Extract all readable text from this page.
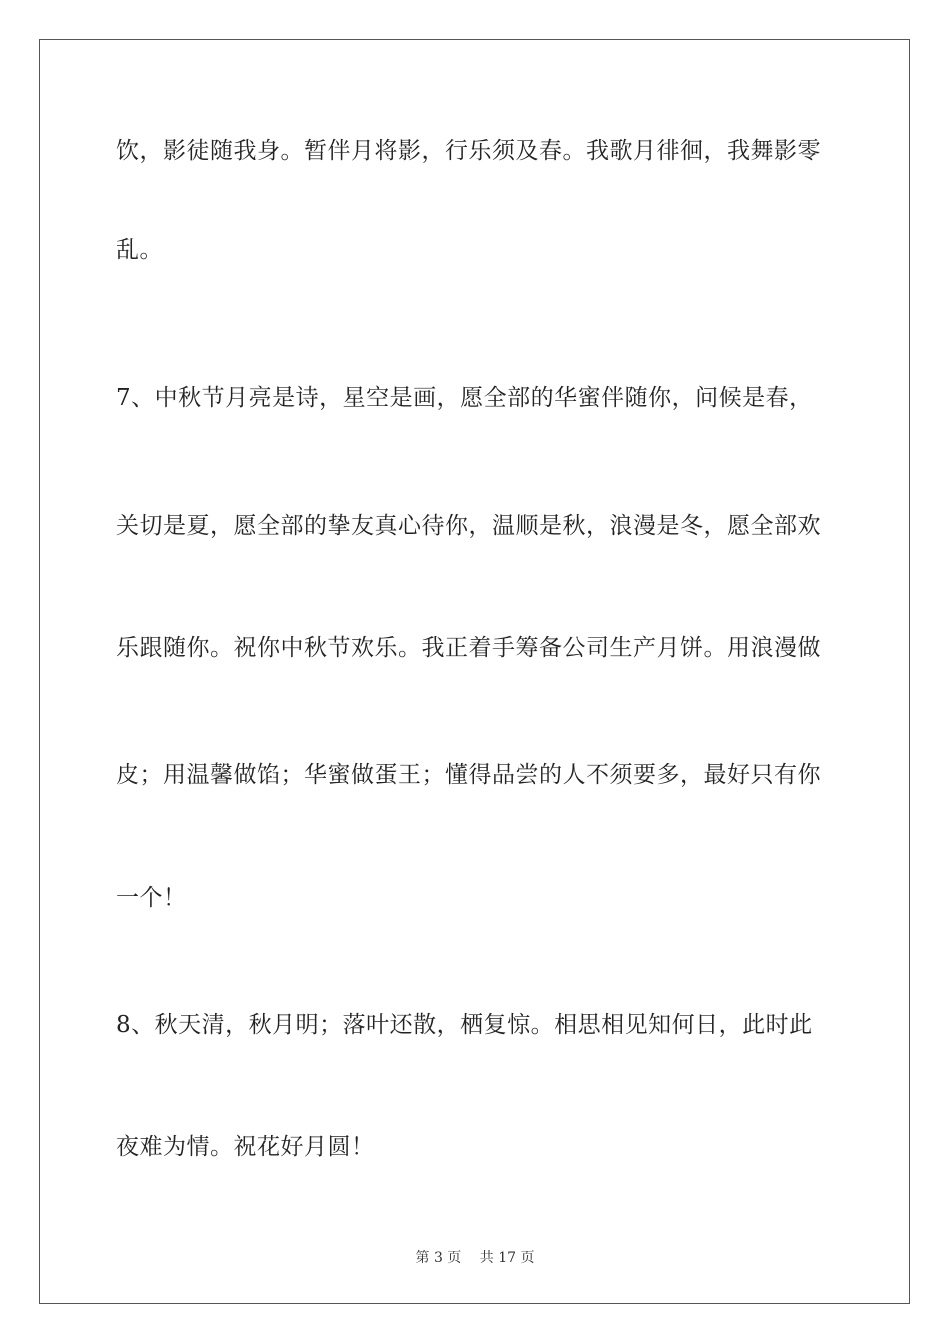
饮，影徒随我身。暂伴月将影，行乐须及春。我歌月徘徊，我舞影零
乱。
7、中秋节月亮是诗，星空是画，愿全部的华蜜伴随你，问候是春，
关切是夏，愿全部的挚友真心待你，温顺是秋，浪漫是冬，愿全部欢
乐跟随你。祝你中秋节欢乐。我正着手筹备公司生产月饼。用浪漫做
皮；用温馨做馅；华蜜做蛋王；懂得品尝的人不须要多，最好只有你
一个！
8、秋天清，秋月明；落叶还散，栖复惊。相思相见知何日，此时此
夜难为情。祝花好月圆！
第 3 页 共 17 页
